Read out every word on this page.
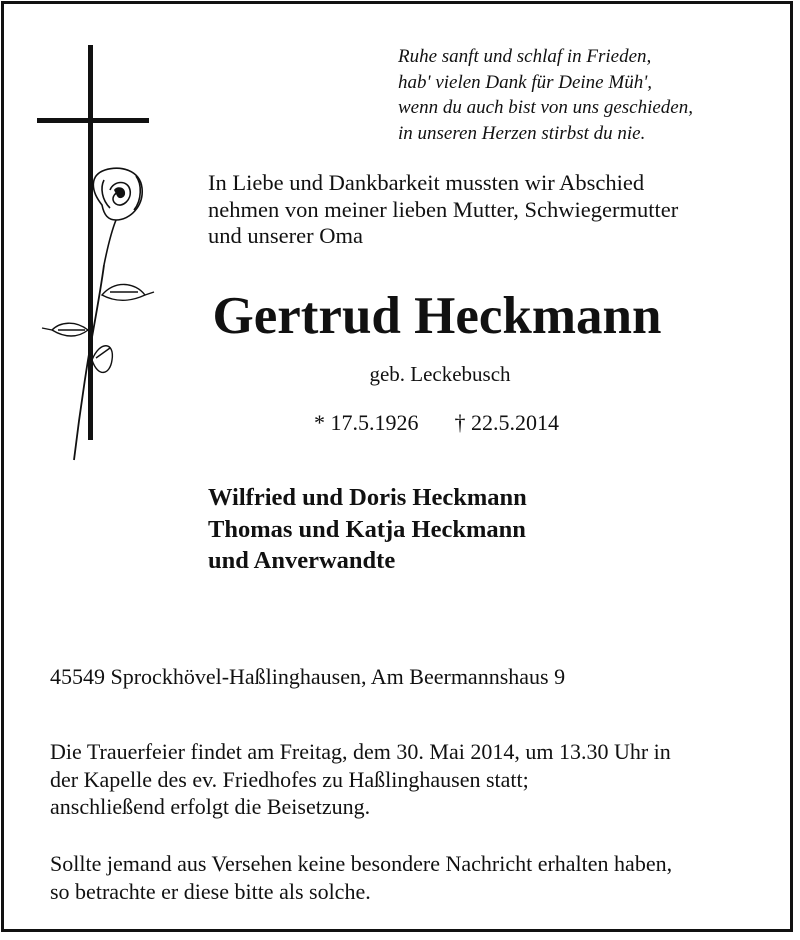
Ruhe sanft und schlaf in Frieden,
hab' vielen Dank für Deine Müh',
wenn du auch bist von uns geschieden,
in unseren Herzen stirbst du nie.
In Liebe und Dankbarkeit mussten wir Abschied
nehmen von meiner lieben Mutter, Schwiegermutter
und unserer Oma
Gertrud Heckmann
geb. Leckebusch
* 17.5.1926 † 22.5.2014
Wilfried und Doris Heckmann
Thomas und Katja Heckmann
und Anverwandte
45549 Sprockhövel-Haßlinghausen, Am Beermannshaus 9
Die Trauerfeier findet am Freitag, dem 30. Mai 2014, um 13.30 Uhr in
der Kapelle des ev. Friedhofes zu Haßlinghausen statt;
anschließend erfolgt die Beisetzung.
Sollte jemand aus Versehen keine besondere Nachricht erhalten haben,
so betrachte er diese bitte als solche.
